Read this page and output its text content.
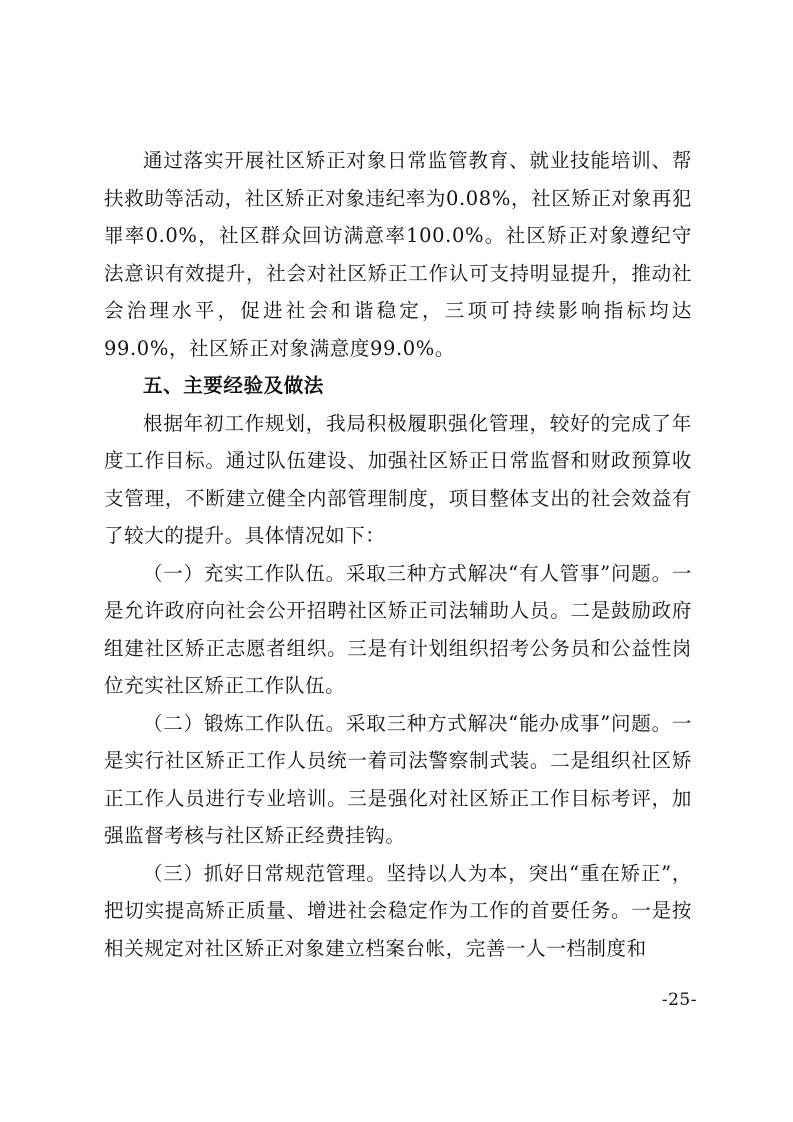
通过落实开展社区矫正对象日常监管教育、就业技能培训、帮扶救助等活动，社区矫正对象违纪率为0.08%，社区矫正对象再犯罪率0.0%，社区群众回访满意率100.0%。社区矫正对象遵纪守法意识有效提升，社会对社区矫正工作认可支持明显提升，推动社会治理水平，促进社会和谐稳定，三项可持续影响指标均达99.0%，社区矫正对象满意度99.0%。

五、主要经验及做法

根据年初工作规划，我局积极履职强化管理，较好的完成了年度工作目标。通过队伍建设、加强社区矫正日常监督和财政预算收支管理，不断建立健全内部管理制度，项目整体支出的社会效益有了较大的提升。具体情况如下：

（一）充实工作队伍。采取三种方式解决“有人管事”问题。一是允许政府向社会公开招聘社区矫正司法辅助人员。二是鼓励政府组建社区矫正志愿者组织。三是有计划组织招考公务员和公益性岗位充实社区矫正工作队伍。

（二）锻炼工作队伍。采取三种方式解决“能办成事”问题。一是实行社区矫正工作人员统一着司法警察制式装。二是组织社区矫正工作人员进行专业培训。三是强化对社区矫正工作目标考评，加强监督考核与社区矫正经费挂钩。

（三）抓好日常规范管理。坚持以人为本，突出“重在矫正”，把切实提高矫正质量、增进社会稳定作为工作的首要任务。一是按相关规定对社区矫正对象建立档案台帐，完善一人一档制度和

-25-
